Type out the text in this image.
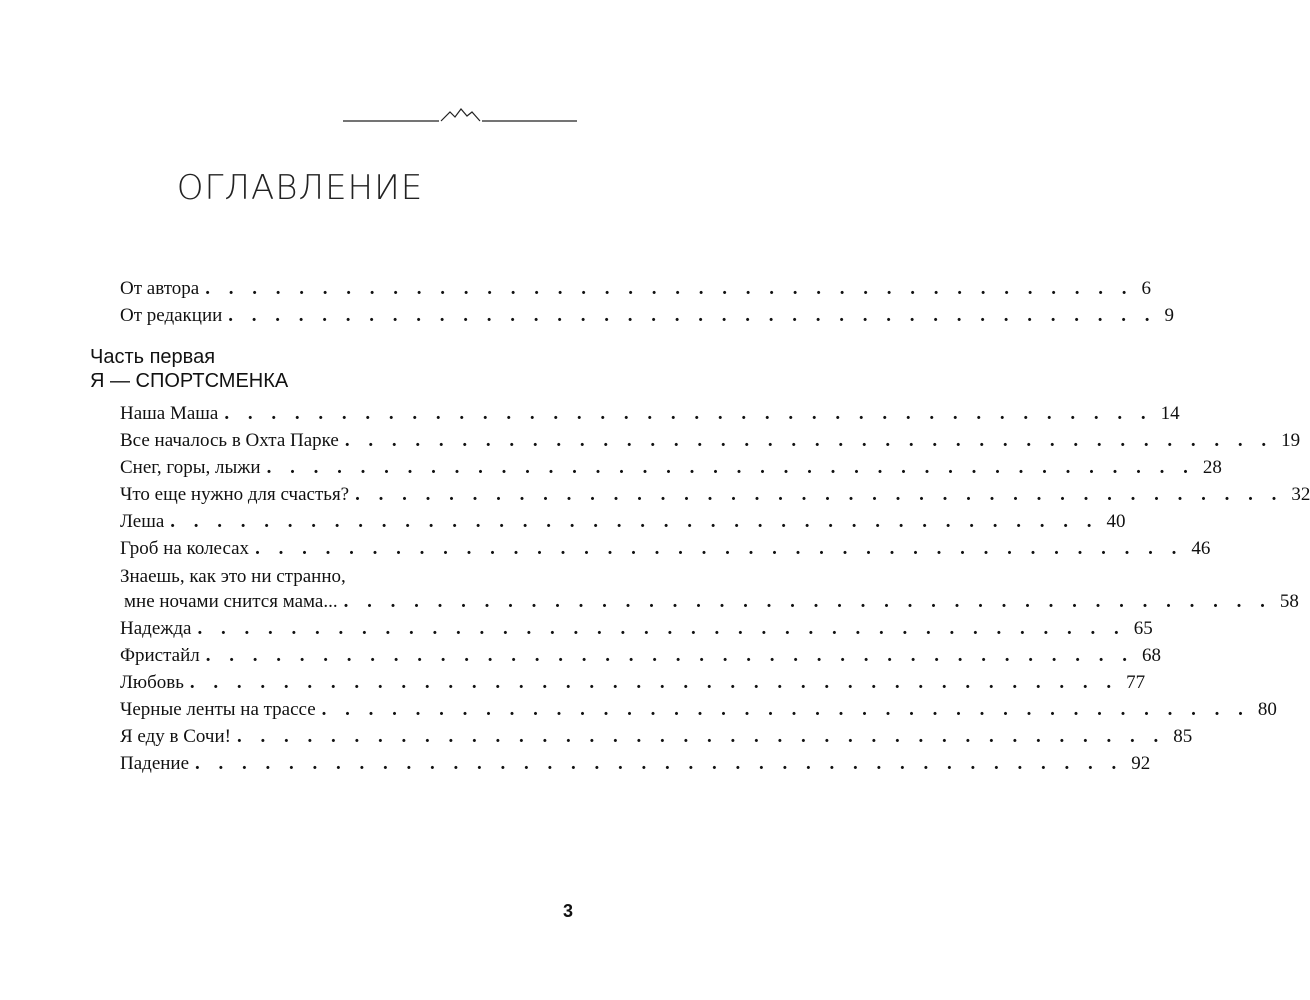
ОГЛАВЛЕНИЕ
От автора . . . . . . . . . . . . . . . . . . . . . . . . . . . . . . . . . . . . . . . . 6
От редакции . . . . . . . . . . . . . . . . . . . . . . . . . . . . . . . . . . . . . . . . 9
Часть первая
Я — СПОРТСМЕНКА
Наша Маша . . . . . . . . . . . . . . . . . . . . . . . . . . . . . . . . . . . . . . . . 14
Все началось в Охта Парке . . . . . . . . . . . . . . . . . . . . . . . . . . . . . . . . . . . . . . . . 19
Снег, горы, лыжи . . . . . . . . . . . . . . . . . . . . . . . . . . . . . . . . . . . . . . . . 28
Что еще нужно для счастья? . . . . . . . . . . . . . . . . . . . . . . . . . . . . . . . . . . . . . . . . 32
Леша . . . . . . . . . . . . . . . . . . . . . . . . . . . . . . . . . . . . . . . . 40
Гроб на колесах . . . . . . . . . . . . . . . . . . . . . . . . . . . . . . . . . . . . . . . . 46
Знаешь, как это ни странно,
мне ночами снится мама... . . . . . . . . . . . . . . . . . . . . . . . . . . . . . . . . . . . . . . . . 58
Надежда . . . . . . . . . . . . . . . . . . . . . . . . . . . . . . . . . . . . . . . . 65
Фристайл . . . . . . . . . . . . . . . . . . . . . . . . . . . . . . . . . . . . . . . . 68
Любовь . . . . . . . . . . . . . . . . . . . . . . . . . . . . . . . . . . . . . . . . 77
Черные ленты на трассе . . . . . . . . . . . . . . . . . . . . . . . . . . . . . . . . . . . . . . . . 80
Я еду в Сочи! . . . . . . . . . . . . . . . . . . . . . . . . . . . . . . . . . . . . . . . . 85
Падение . . . . . . . . . . . . . . . . . . . . . . . . . . . . . . . . . . . . . . . . 92
3
